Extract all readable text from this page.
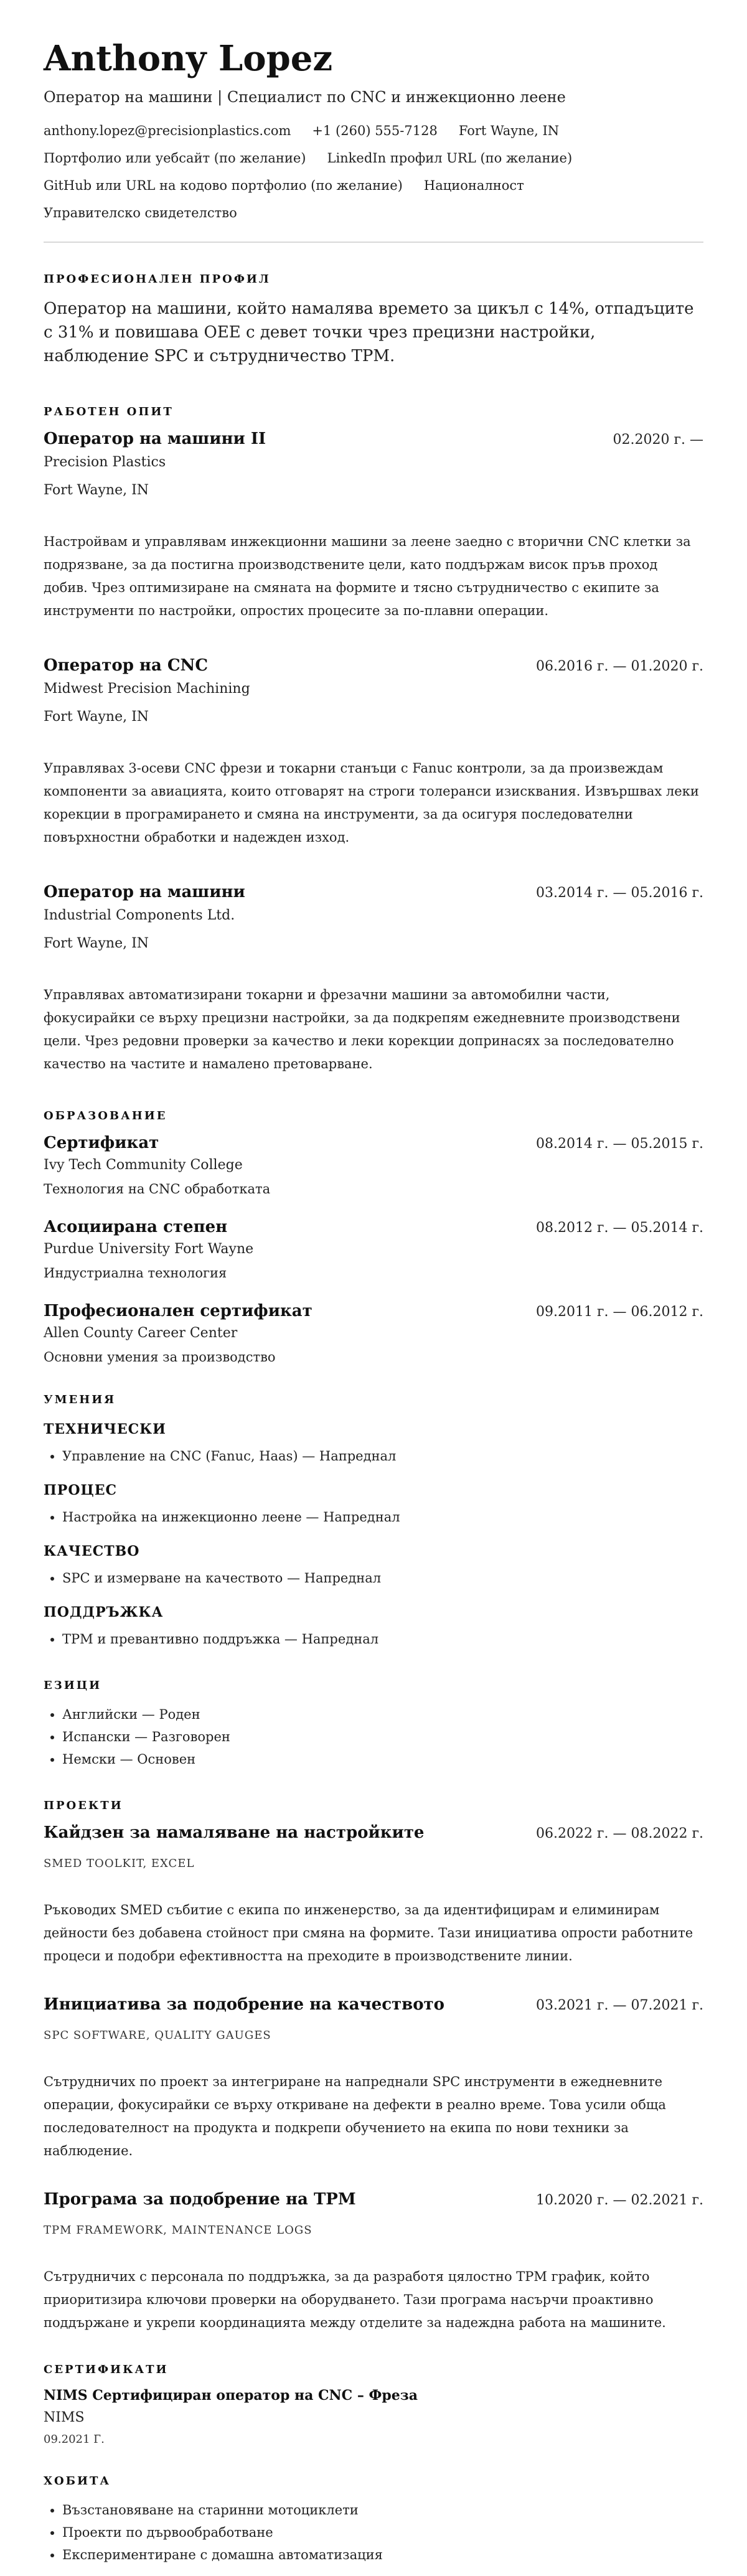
Anthony Lopez
Оператор на машини | Специалист по CNC и инжекционно леене
anthony.lopez@precisionplastics.com +1 (260) 555-7128 Fort Wayne, IN
Портфолио или уебсайт (по желание) LinkedIn профил URL (по желание)
GitHub или URL на кодово портфолио (по желание) Националност
Управителско свидетелство
ПРОФЕСИОНАЛЕН ПРОФИЛ
Оператор на машини, който намалява времето за цикъл с 14%, отпадъците с 31% и повишава OEE с девет точки чрез прецизни настройки, наблюдение SPC и сътрудничество TPM.
РАБОТЕН ОПИТ
Оператор на машини II	02.2020 г. —
Precision Plastics
Fort Wayne, IN
Настройвам и управлявам инжекционни машини за леене заедно с вторични CNC клетки за подрязване, за да постигна производствените цели, като поддържам висок пръв проход добив. Чрез оптимизиране на смяната на формите и тясно сътрудничество с екипите за инструменти по настройки, опростих процесите за по-плавни операции.
Оператор на CNC	06.2016 г. — 01.2020 г.
Midwest Precision Machining
Fort Wayne, IN
Управлявах 3-осеви CNC фрези и токарни станъци с Fanuc контроли, за да произвеждам компоненти за авиацията, които отговарят на строги толеранси изисквания. Извършвах леки корекции в програмирането и смяна на инструменти, за да осигуря последователни повърхностни обработки и надежден изход.
Оператор на машини	03.2014 г. — 05.2016 г.
Industrial Components Ltd.
Fort Wayne, IN
Управлявах автоматизирани токарни и фрезачни машини за автомобилни части, фокусирайки се върху прецизни настройки, за да подкрепям ежедневните производствени цели. Чрез редовни проверки за качество и леки корекции допринасях за последователно качество на частите и намалено претоварване.
ОБРАЗОВАНИЕ
Сертификат	08.2014 г. — 05.2015 г.
Ivy Tech Community College
Технология на CNC обработката
Асоциирана степен	08.2012 г. — 05.2014 г.
Purdue University Fort Wayne
Индустриална технология
Професионален сертификат	09.2011 г. — 06.2012 г.
Allen County Career Center
Основни умения за производство
УМЕНИЯ
ТЕХНИЧЕСКИ
• Управление на CNC (Fanuc, Haas) — Напреднал
ПРОЦЕС
• Настройка на инжекционно леене — Напреднал
КАЧЕСТВО
• SPC и измерване на качеството — Напреднал
ПОДДРЪЖКА
• TPM и превантивно поддръжка — Напреднал
ЕЗИЦИ
• Английски — Роден
• Испански — Разговорен
• Немски — Основен
ПРОЕКТИ
Кайдзен за намаляване на настройките	06.2022 г. — 08.2022 г.
SMED TOOLKIT, EXCEL
Ръководих SMED събитие с екипа по инженерство, за да идентифицирам и елиминирам дейности без добавена стойност при смяна на формите. Тази инициатива опрости работните процеси и подобри ефективността на преходите в производствените линии.
Инициатива за подобрение на качеството	03.2021 г. — 07.2021 г.
SPC SOFTWARE, QUALITY GAUGES
Сътрудничих по проект за интегриране на напреднали SPC инструменти в ежедневните операции, фокусирайки се върху откриване на дефекти в реално време. Това усили обща последователност на продукта и подкрепи обучението на екипа по нови техники за наблюдение.
Програма за подобрение на TPM	10.2020 г. — 02.2021 г.
TPM FRAMEWORK, MAINTENANCE LOGS
Сътрудничих с персонала по поддръжка, за да разработя цялостно TPM график, който приоритизира ключови проверки на оборудването. Тази програма насърчи проактивно поддържане и укрепи координацията между отделите за надеждна работа на машините.
СЕРТИФИКАТИ
NIMS Сертифициран оператор на CNC – Фреза
NIMS
09.2021 Г.
ХОБИТА
• Възстановяване на старинни мотоциклети
• Проекти по дървообработване
• Експериментиране с домашна автоматизация
